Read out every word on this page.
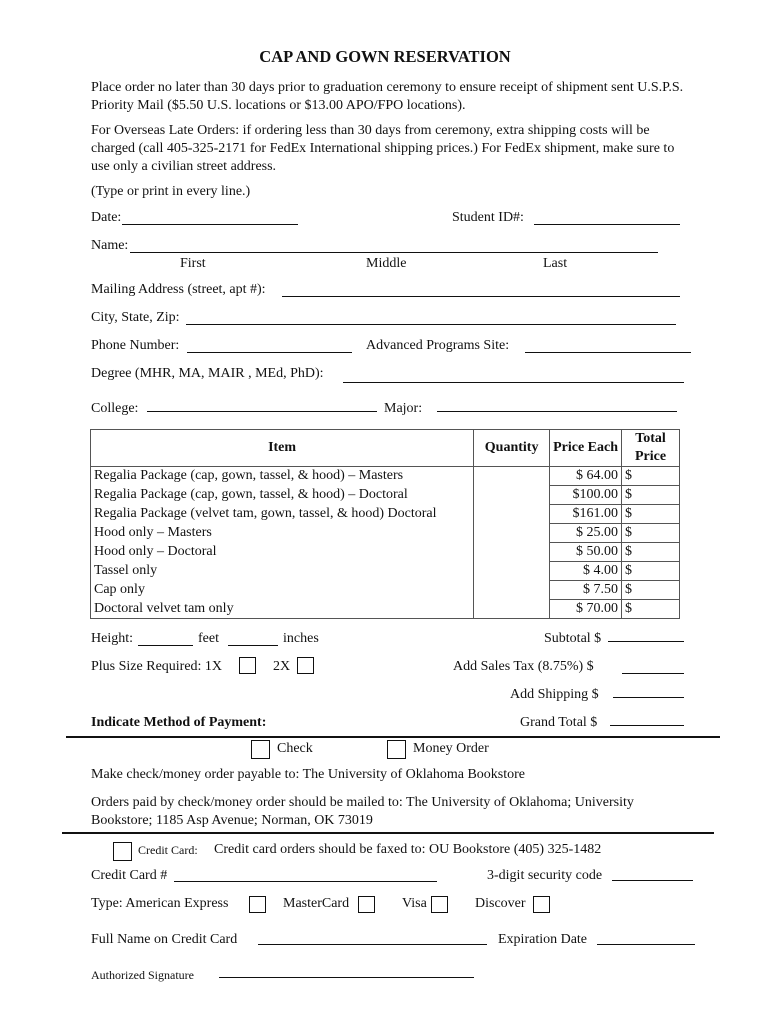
CAP AND GOWN RESERVATION
Place order no later than 30 days prior to graduation ceremony to ensure receipt of shipment sent U.S.P.S. Priority Mail ($5.50 U.S. locations or $13.00 APO/FPO locations).
For Overseas Late Orders: if ordering less than 30 days from ceremony, extra shipping costs will be charged (call 405-325-2171 for FedEx International shipping prices.) For FedEx shipment, make sure to use only a civilian street address.
(Type or print in every line.)
Date:	Student ID#:
Name:
First	Middle	Last
Mailing Address (street, apt #):
City, State, Zip:
Phone Number:	Advanced Programs Site:
Degree (MHR, MA, MAIR , MEd, PhD):
College:	Major:
Item	Quantity	Price Each	Total Price
Regalia Package (cap, gown, tassel, & hood) – Masters		$ 64.00	$
Regalia Package (cap, gown, tassel, & hood) – Doctoral		$100.00	$
Regalia Package (velvet tam, gown, tassel, & hood) Doctoral		$161.00	$
Hood only – Masters		$ 25.00	$
Hood only – Doctoral		$ 50.00	$
Tassel only		$ 4.00	$
Cap only		$ 7.50	$
Doctoral velvet tam only		$ 70.00	$
Height:	feet	inches
Plus Size Required: 1X	2X
Subtotal $
Add Sales Tax (8.75%) $
Add Shipping $
Grand Total $
Indicate Method of Payment:
Check	Money Order
Make check/money order payable to: The University of Oklahoma Bookstore
Orders paid by check/money order should be mailed to: The University of Oklahoma; University Bookstore; 1185 Asp Avenue; Norman, OK 73019
Credit Card: Credit card orders should be faxed to: OU Bookstore (405) 325-1482
Credit Card #	3-digit security code
Type: American Express	MasterCard	Visa	Discover
Full Name on Credit Card	Expiration Date
Authorized Signature
